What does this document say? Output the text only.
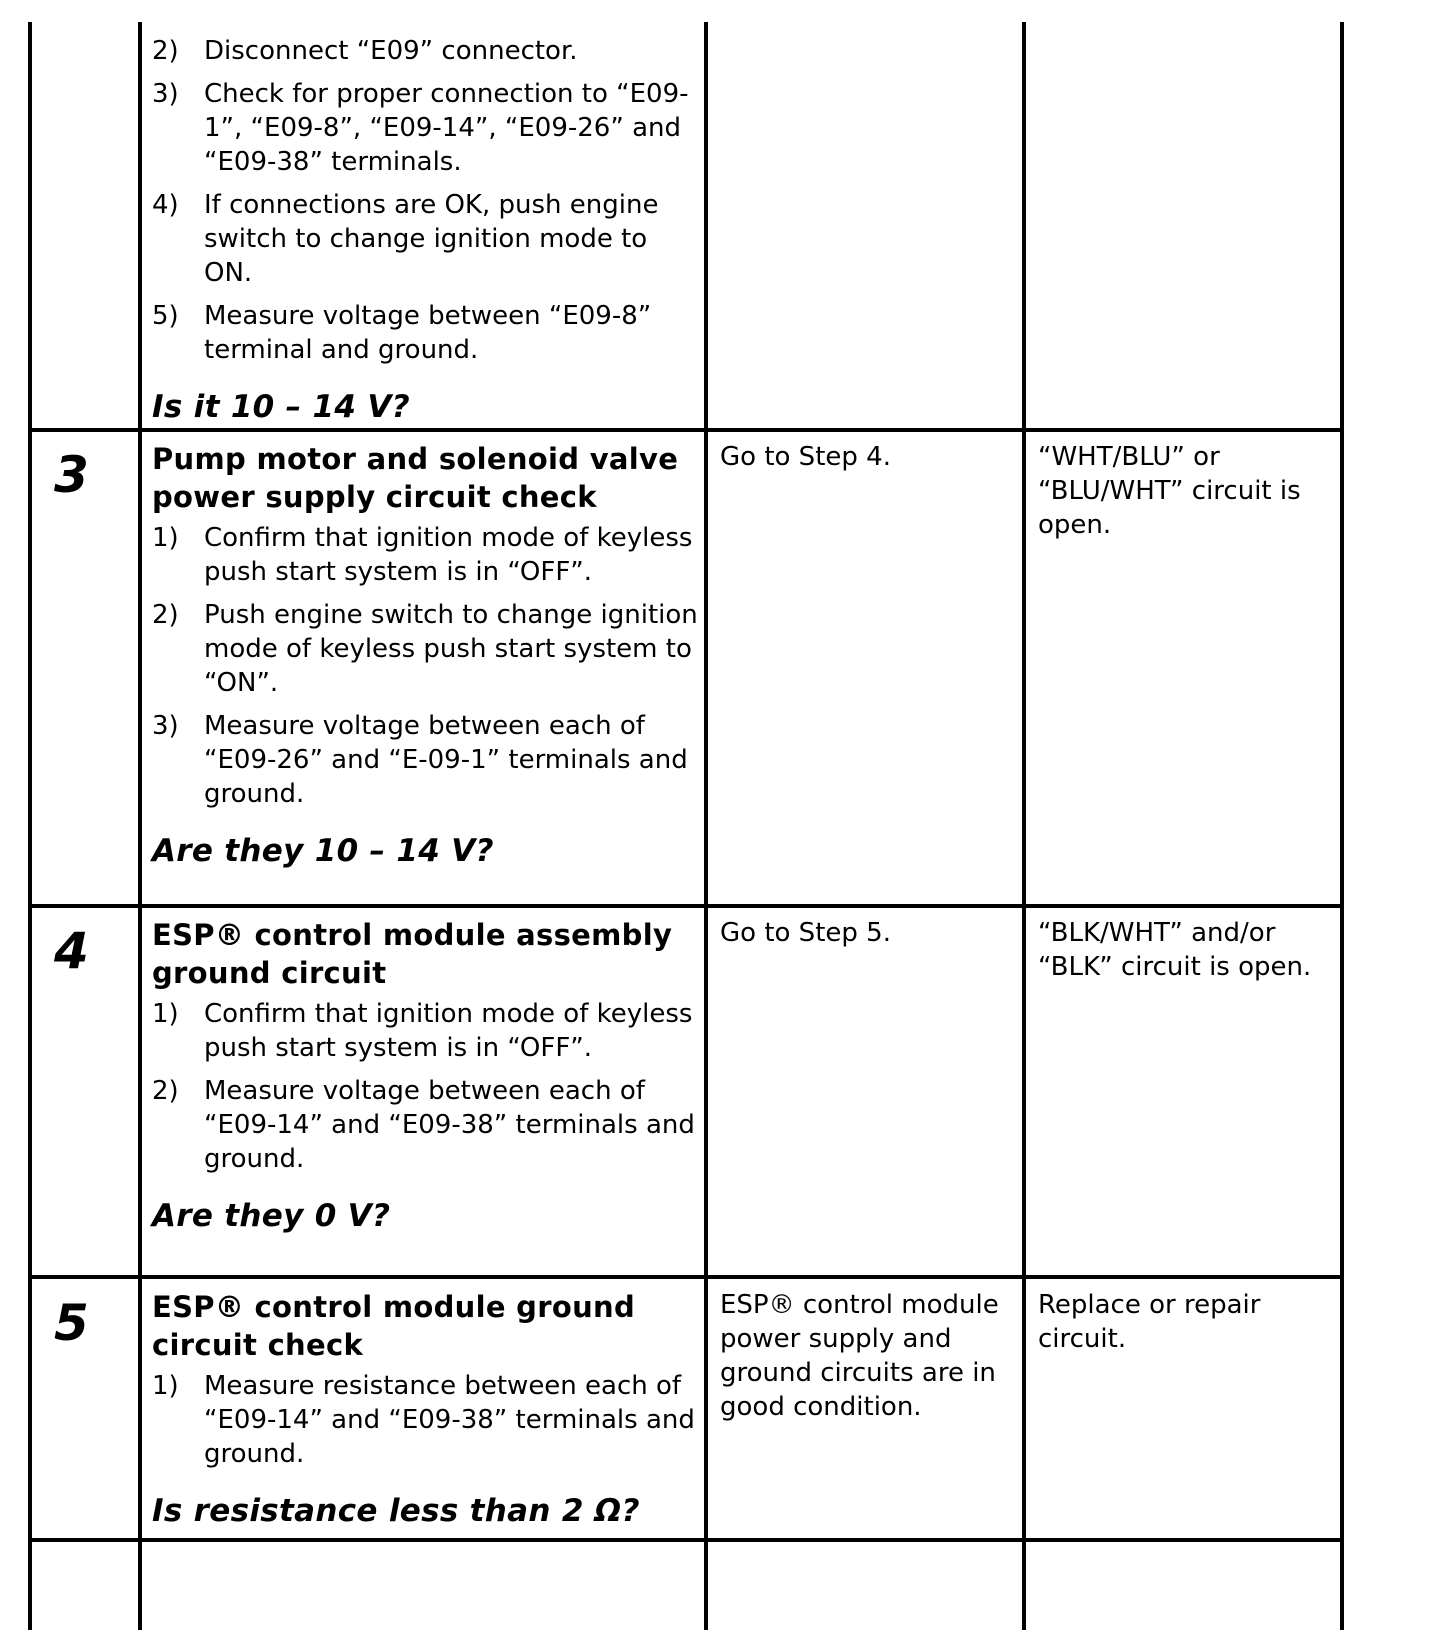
2) Disconnect “E09” connector.
3) Check for proper connection to “E09-1”, “E09-8”, “E09-14”, “E09-26” and “E09-38” terminals.
4) If connections are OK, push engine switch to change ignition mode to ON.
5) Measure voltage between “E09-8” terminal and ground.
Is it 10 – 14 V?
3 Pump motor and solenoid valve power supply circuit check
1) Confirm that ignition mode of keyless push start system is in “OFF”.
2) Push engine switch to change ignition mode of keyless push start system to “ON”.
3) Measure voltage between each of “E09-26” and “E-09-1” terminals and ground.
Are they 10 – 14 V?
Go to Step 4.	“WHT/BLU” or “BLU/WHT” circuit is open.
4 ESP® control module assembly ground circuit
1) Confirm that ignition mode of keyless push start system is in “OFF”.
2) Measure voltage between each of “E09-14” and “E09-38” terminals and ground.
Are they 0 V?
Go to Step 5.	“BLK/WHT” and/or “BLK” circuit is open.
5 ESP® control module ground circuit check
1) Measure resistance between each of “E09-14” and “E09-38” terminals and ground.
Is resistance less than 2 Ω?
ESP® control module power supply and ground circuits are in good condition.
Replace or repair circuit.
